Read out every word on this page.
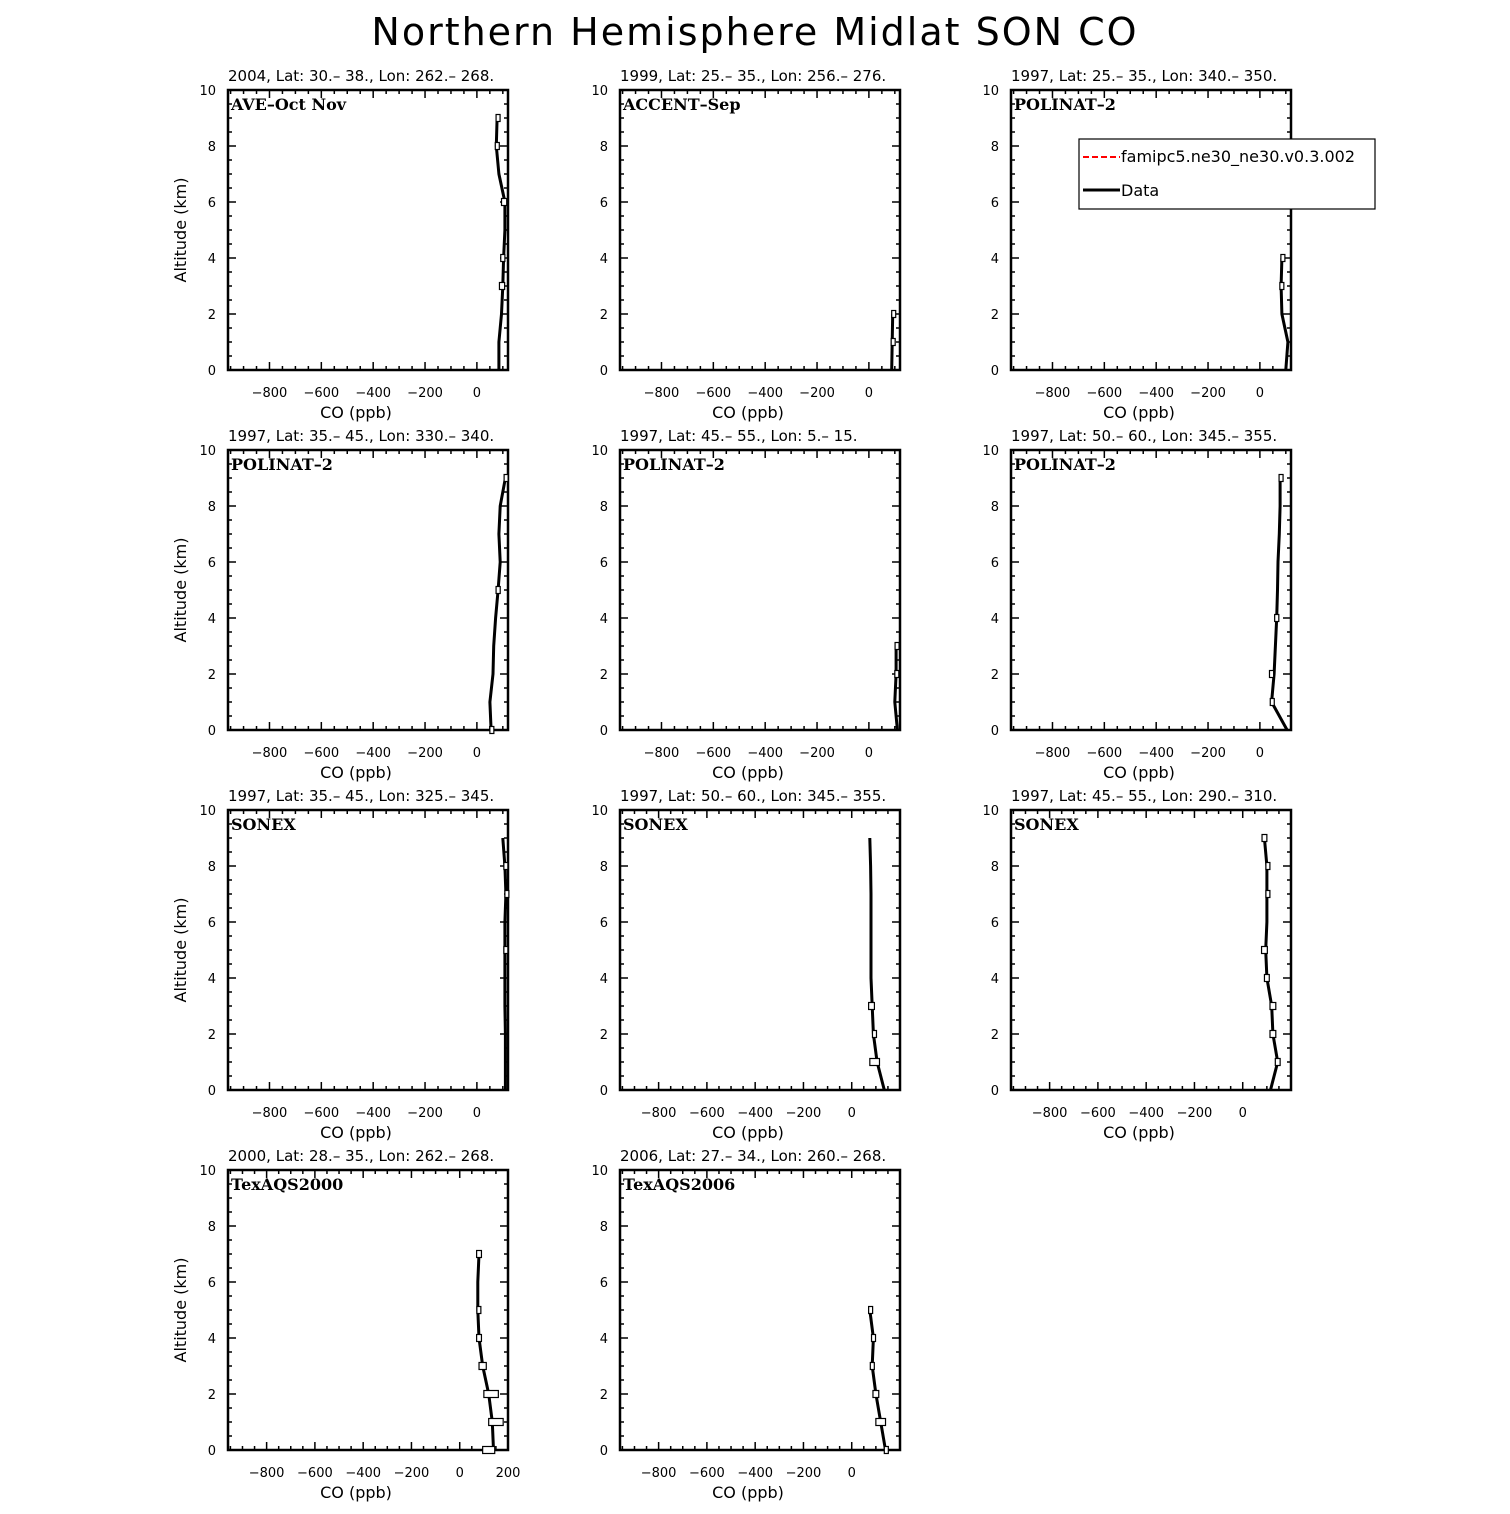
Northern Hemisphere Midlat SON CO
2004, Lat: 30.– 38., Lon: 262.– 268.
AVE–Oct Nov
0
2
4
6
8
10
−800 −600 −400	0
−200
CO (ppb)
Altitude (km)
1999, Lat: 25.– 35., Lon: 256.– 276.
ACCENT–Sep
0
2
4
6
8
10
−800 −600 −400 −200 0
CO (ppb)
1997, Lat: 25.– 35., Lon: 340.– 350.
POLINAT–2
0
2
4
6
8
10
−800 −600 −400 −200 0
CO (ppb)
1997, Lat: 35.– 45., Lon: 330.– 340.
POLINAT–2
0
2
4
6
8
10
−800 −600 −400 −200 0
CO (ppb)
Altitude (km)
1997, Lat: 45.– 55., Lon: 5.– 15.
POLINAT–2
0
2
4
6
8
10
−800 −600 −400 −200 0
CO (ppb)
1997, Lat: 50.– 60., Lon: 345.– 355.
POLINAT–2
0
2
4
6
8
10
−800 −600 −400 −200 0
CO (ppb)
1997, Lat: 35.– 45., Lon: 325.– 345.
SONEX
0
2
4
6
8
10
−800 −600 −400 −200 0
CO (ppb)
Altitude (km)
1997, Lat: 50.– 60., Lon: 345.– 355.
SONEX
0
2
4
6
8
10
−800 −600 −400 −200 0
CO (ppb)
1997, Lat: 45.– 55., Lon: 290.– 310.
SONEX
0
2
4
6
8
10
−800 −600 −400 −200 0
CO (ppb)
2000, Lat: 28.– 35., Lon: 262.– 268.
TexAQS2000
0
2
4
6
8
10
−800 −600 −400 −200 0 200
CO (ppb)
Altitude (km)
2006, Lat: 27.– 34., Lon: 260.– 268.
TexAQS2006
0
2
4
6
8
10
−800 −600 −400 −200 0
CO (ppb)
famipc5.ne30_ne30.v0.3.002
Data
